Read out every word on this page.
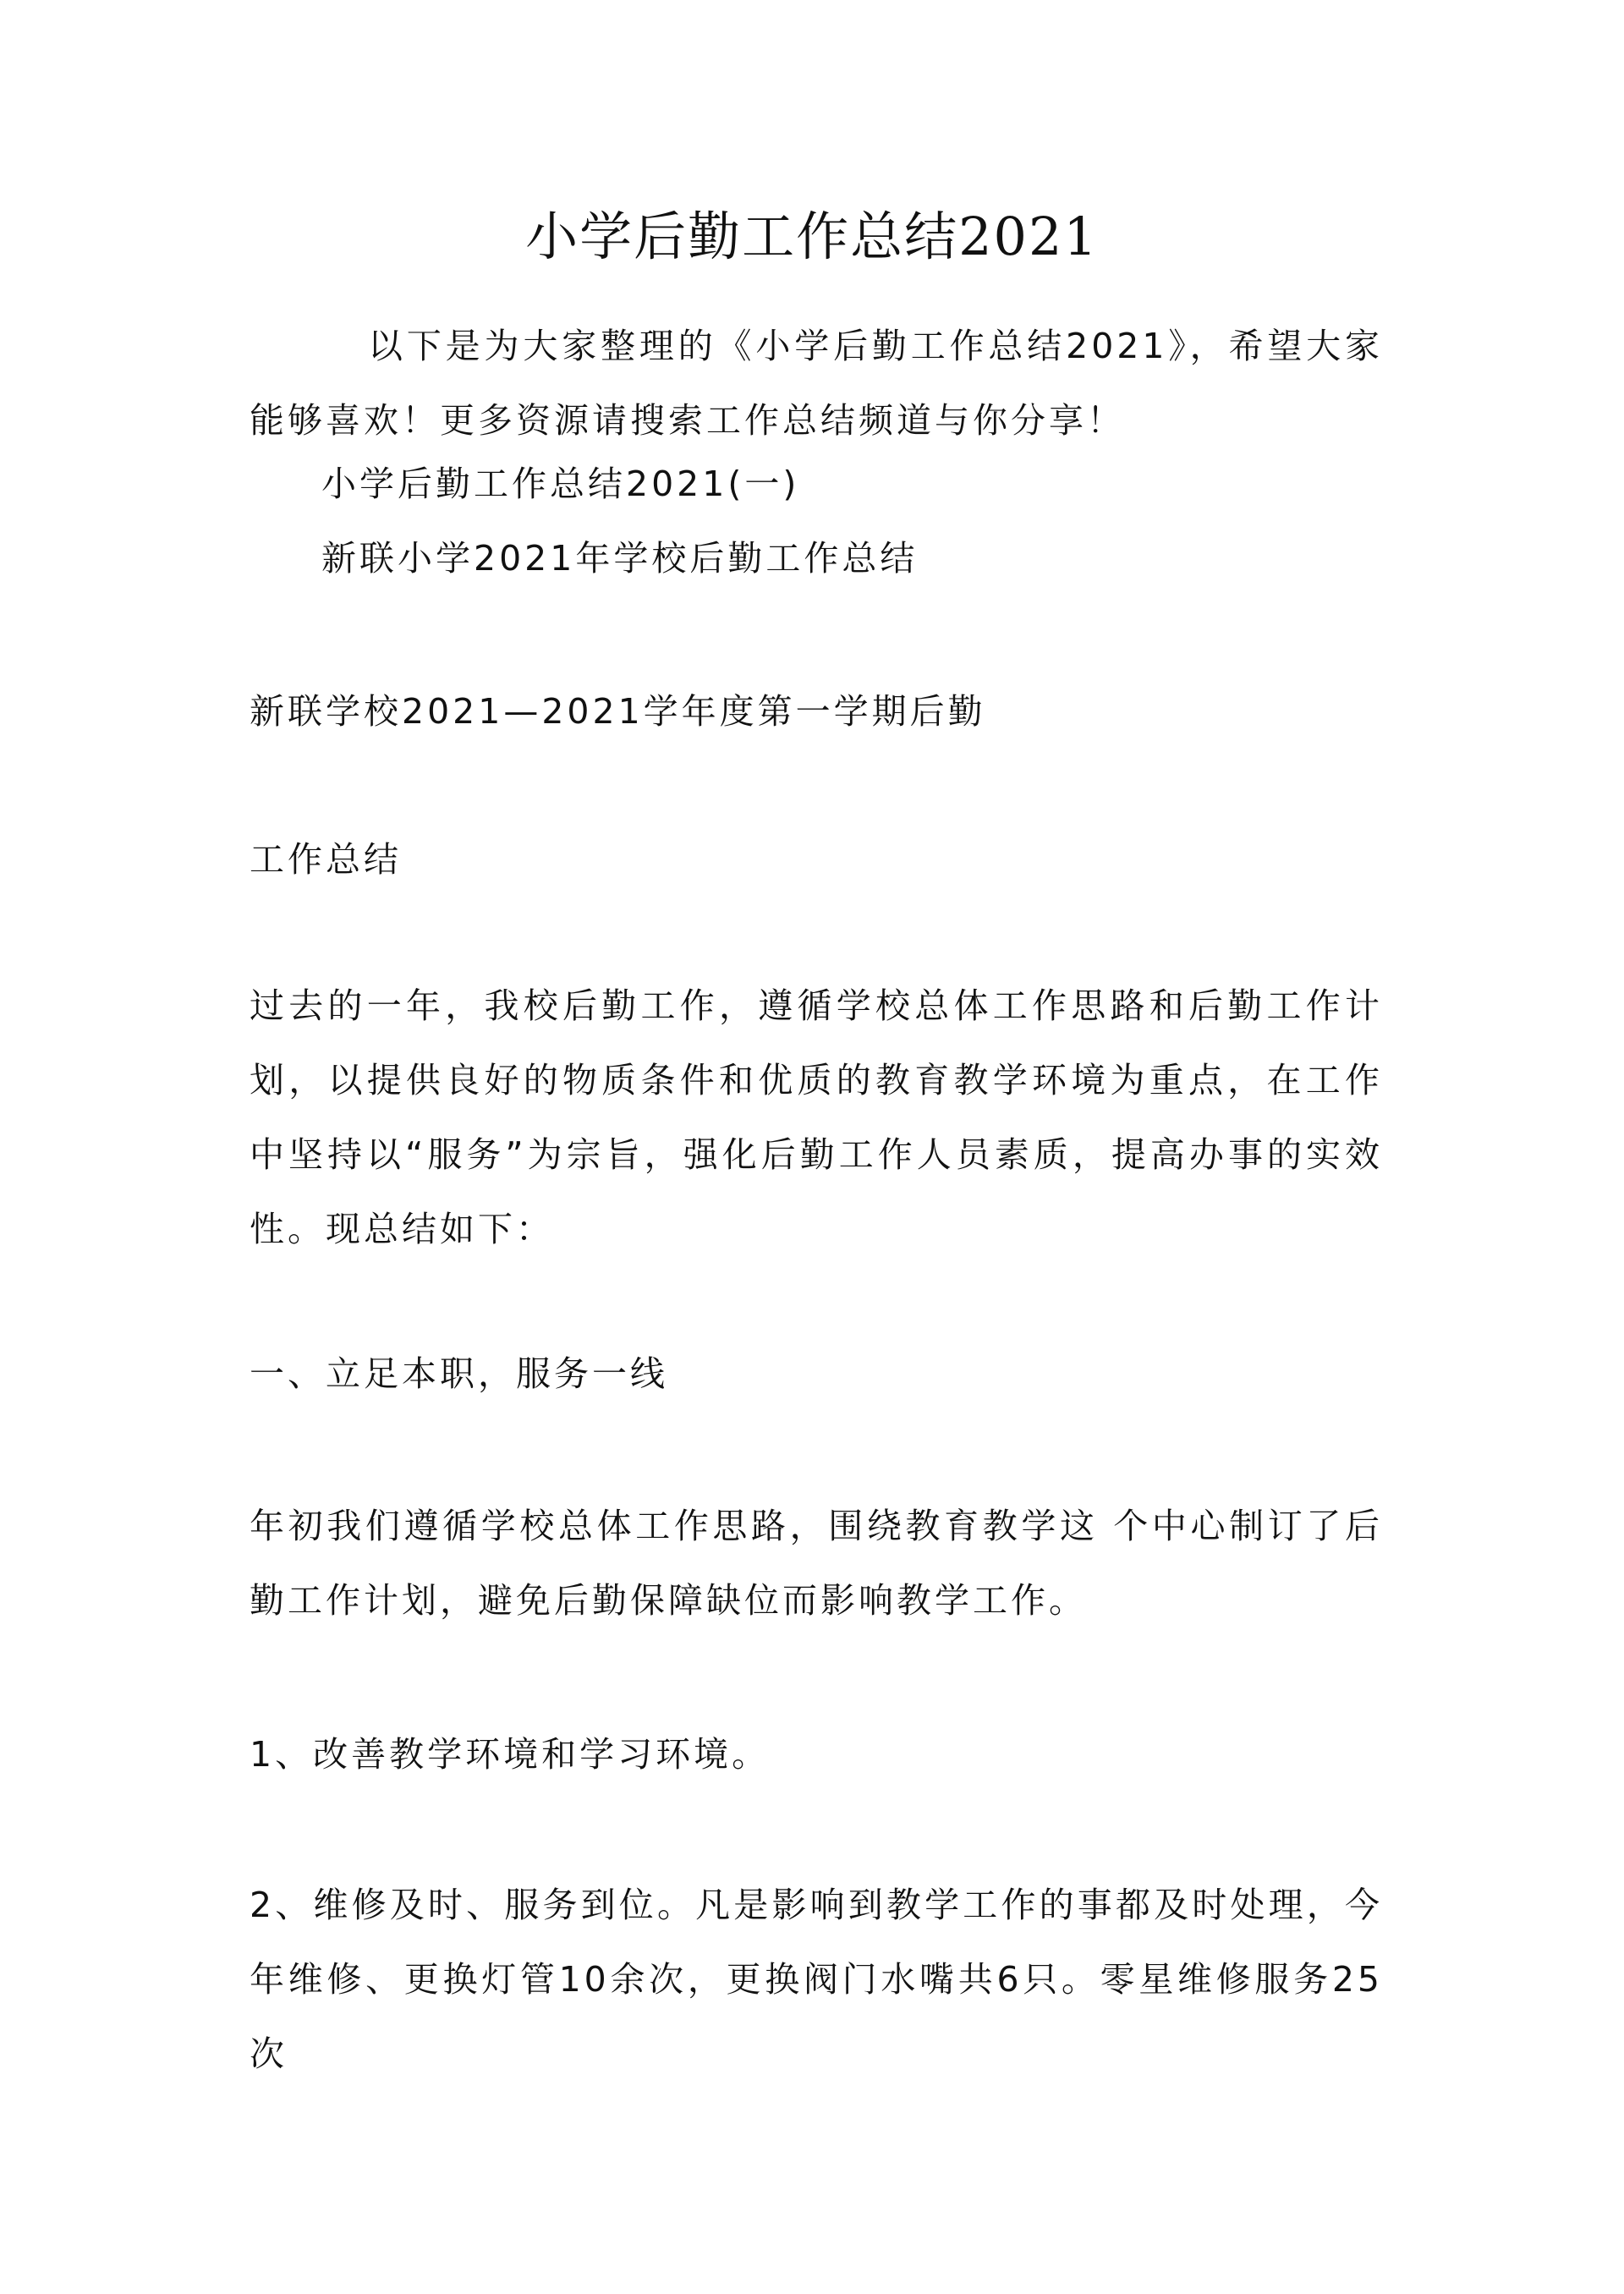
小学后勤工作总结2021

以下是为大家整理的《小学后勤工作总结2021》，希望大家能够喜欢！更多资源请搜索工作总结频道与你分享！

小学后勤工作总结2021(一)
新联小学2021年学校后勤工作总结
新联学校2021—2021学年度第一学期后勤
工作总结

过去的一年，我校后勤工作，遵循学校总体工作思路和后勤工作计划，以提供良好的物质条件和优质的教育教学环境为重点，在工作中坚持以“服务”为宗旨，强化后勤工作人员素质，提高办事的实效性。现总结如下：

一、立足本职，服务一线

年初我们遵循学校总体工作思路，围绕教育教学这 个中心制订了后勤工作计划，避免后勤保障缺位而影响教学工作。

1、改善教学环境和学习环境。

2、维修及时、服务到位。凡是影响到教学工作的事都及时处理，今年维修、更换灯管10余次，更换阀门水嘴共6只。零星维修服务25次
